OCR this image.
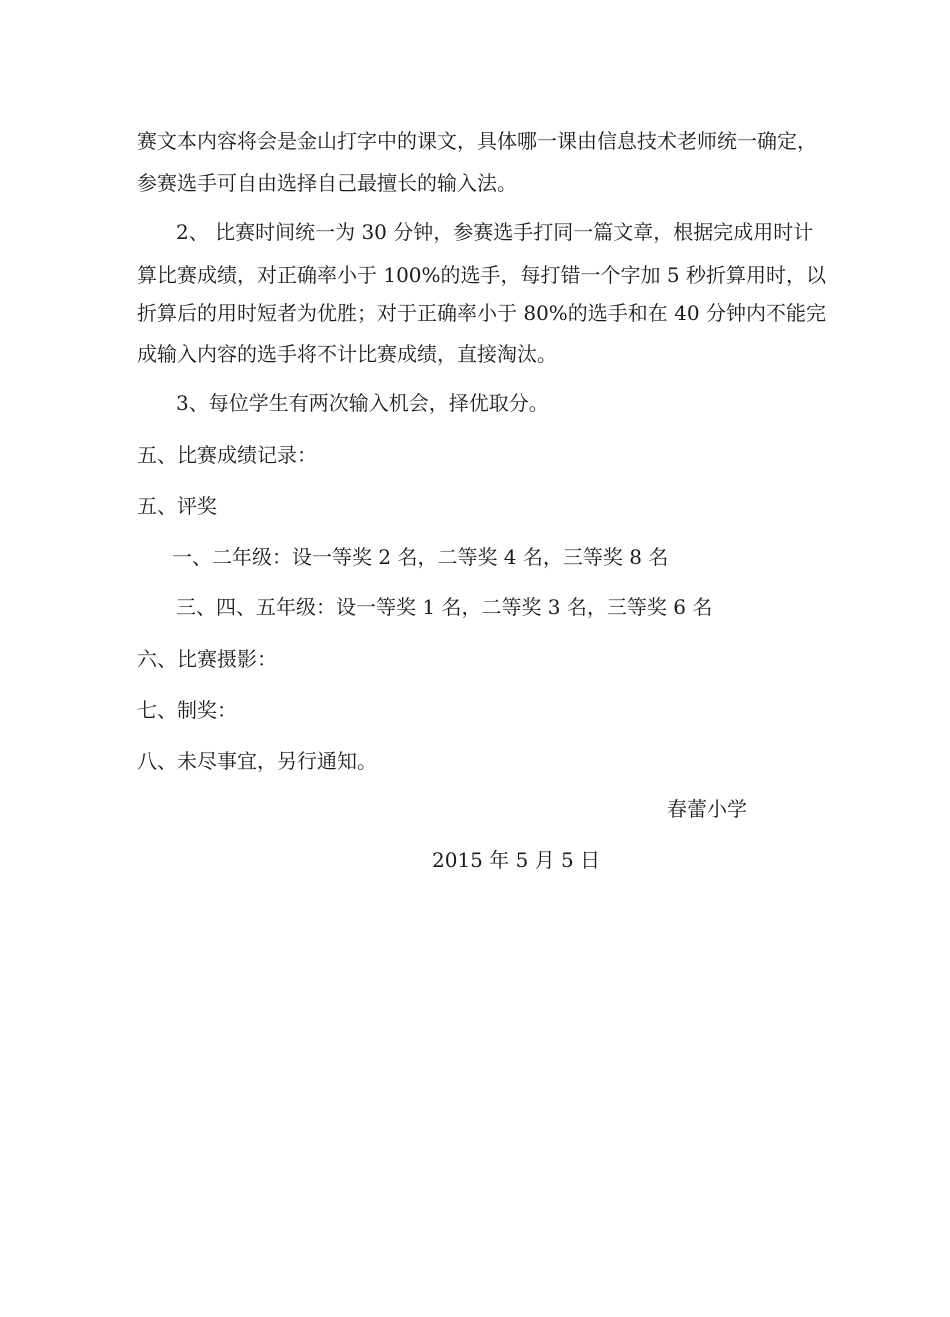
赛文本内容将会是金山打字中的课文，具体哪一课由信息技术老师统一确定，
参赛选手可自由选择自己最擅长的输入法。
2、 比赛时间统一为 30 分钟，参赛选手打同一篇文章，根据完成用时计
算比赛成绩，对正确率小于 100%的选手，每打错一个字加 5 秒折算用时，以
折算后的用时短者为优胜；对于正确率小于 80%的选手和在 40 分钟内不能完
成输入内容的选手将不计比赛成绩，直接淘汰。
3、每位学生有两次输入机会，择优取分。
五、比赛成绩记录：
五、评奖
一、二年级：设一等奖 2 名，二等奖 4 名，三等奖 8 名
三、四、五年级：设一等奖 1 名，二等奖 3 名，三等奖 6 名
六、比赛摄影：
七、制奖：
八、未尽事宜，另行通知。
春蕾小学
2015 年 5 月 5 日
